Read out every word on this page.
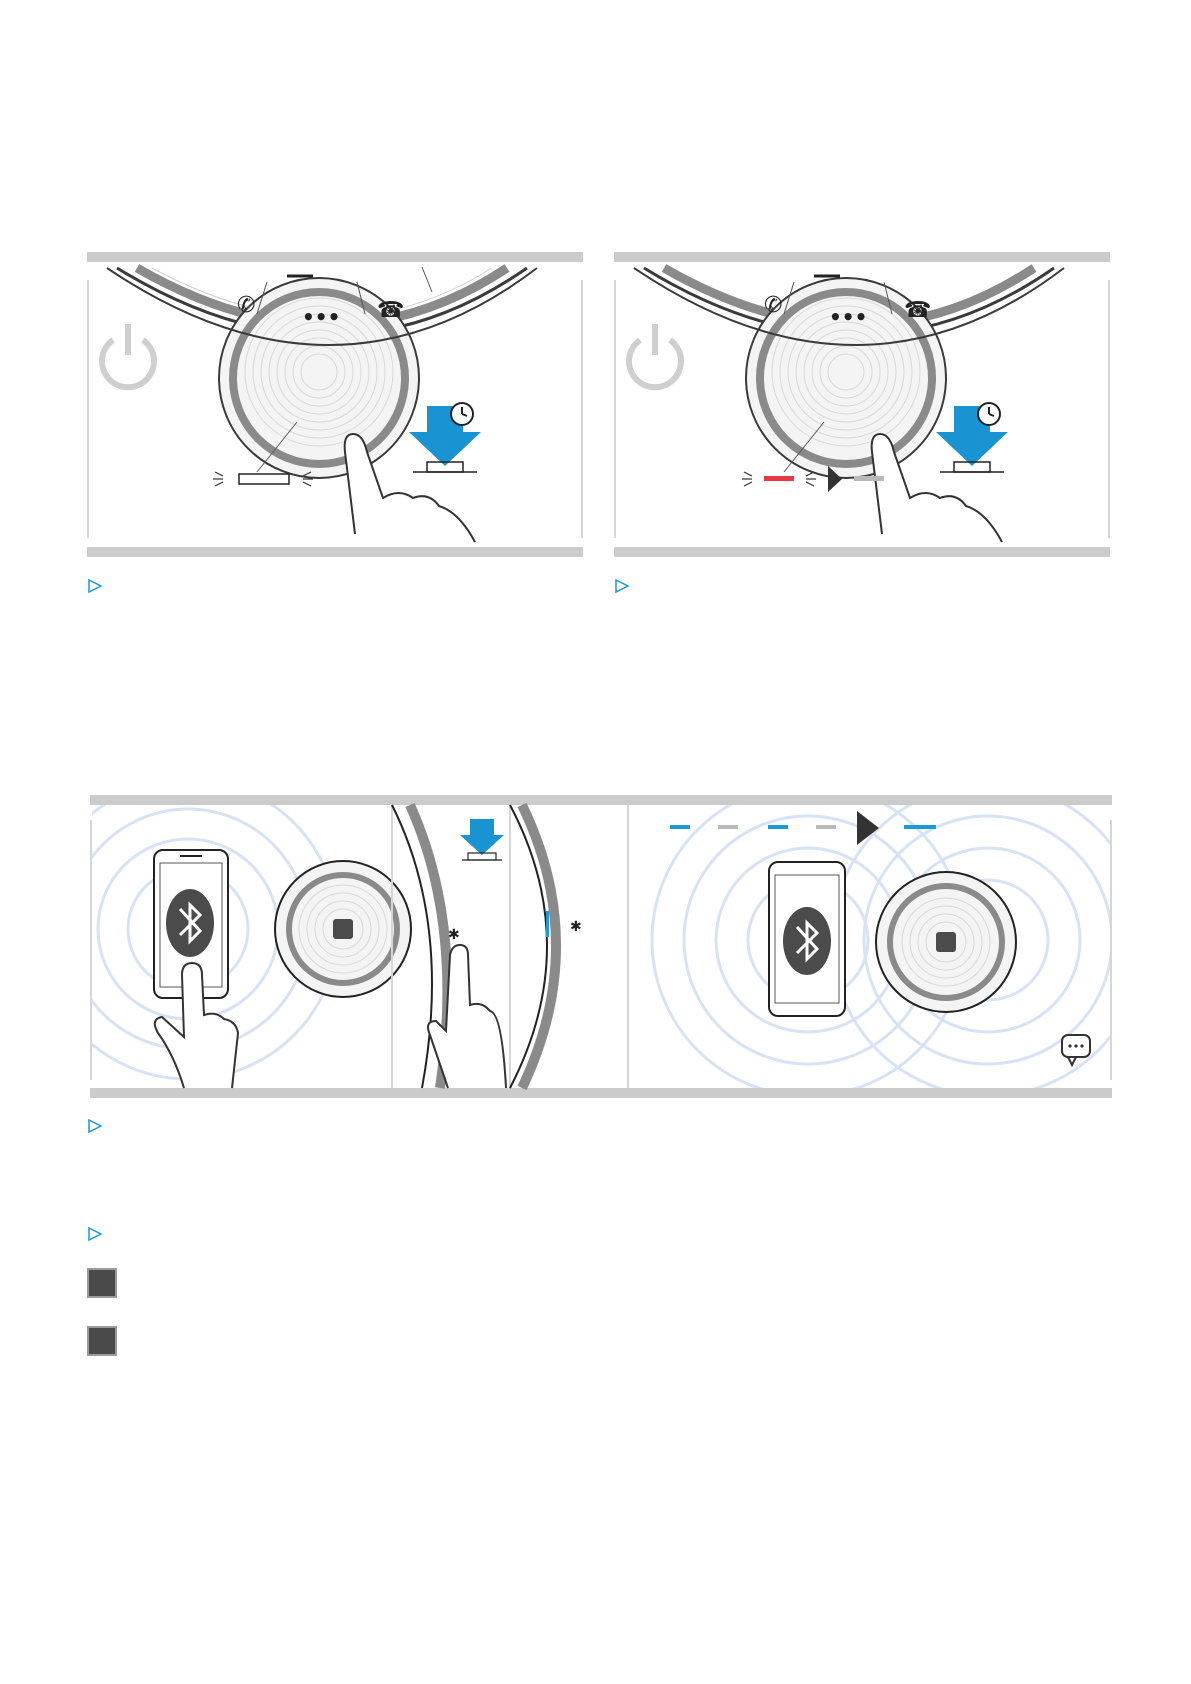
✆ ••• ☎	✆ ••• ☎
✱	✱
